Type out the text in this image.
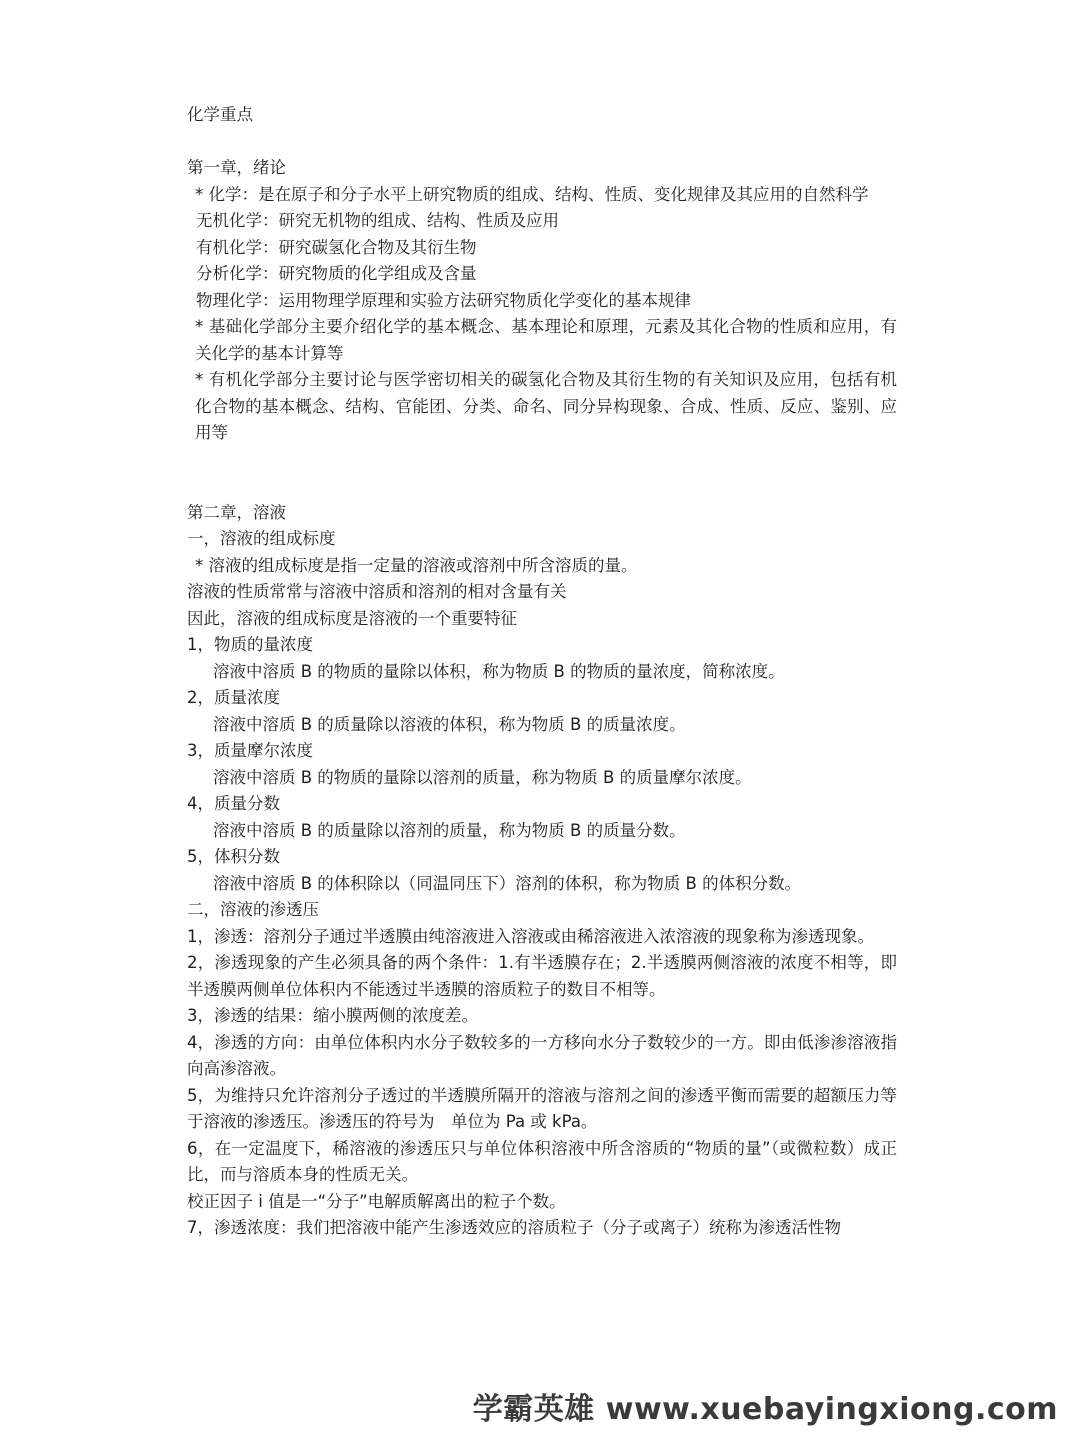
化学重点
第一章，绪论
* 化学：是在原子和分子水平上研究物质的组成、结构、性质、变化规律及其应用的自然科学
无机化学：研究无机物的组成、结构、性质及应用
有机化学：研究碳氢化合物及其衍生物
分析化学：研究物质的化学组成及含量
物理化学：运用物理学原理和实验方法研究物质化学变化的基本规律
* 基础化学部分主要介绍化学的基本概念、基本理论和原理，元素及其化合物的性质和应用，有关化学的基本计算等
* 有机化学部分主要讨论与医学密切相关的碳氢化合物及其衍生物的有关知识及应用，包括有机化合物的基本概念、结构、官能团、分类、命名、同分异构现象、合成、性质、反应、鉴别、应用等
第二章，溶液
一，溶液的组成标度
* 溶液的组成标度是指一定量的溶液或溶剂中所含溶质的量。
溶液的性质常常与溶液中溶质和溶剂的相对含量有关
因此，溶液的组成标度是溶液的一个重要特征
1，物质的量浓度
溶液中溶质 B 的物质的量除以体积，称为物质 B 的物质的量浓度，简称浓度。
2，质量浓度
溶液中溶质 B 的质量除以溶液的体积，称为物质 B 的质量浓度。
3，质量摩尔浓度
溶液中溶质 B 的物质的量除以溶剂的质量，称为物质 B 的质量摩尔浓度。
4，质量分数
溶液中溶质 B 的质量除以溶剂的质量，称为物质 B 的质量分数。
5，体积分数
溶液中溶质 B 的体积除以（同温同压下）溶剂的体积，称为物质 B 的体积分数。
二，溶液的渗透压
1，渗透：溶剂分子通过半透膜由纯溶液进入溶液或由稀溶液进入浓溶液的现象称为渗透现象。
2，渗透现象的产生必须具备的两个条件：1.有半透膜存在；2.半透膜两侧溶液的浓度不相等，即半透膜两侧单位体积内不能透过半透膜的溶质粒子的数目不相等。
3，渗透的结果：缩小膜两侧的浓度差。
4，渗透的方向：由单位体积内水分子数较多的一方移向水分子数较少的一方。即由低渗渗溶液指向高渗溶液。
5，为维持只允许溶剂分子透过的半透膜所隔开的溶液与溶剂之间的渗透平衡而需要的超额压力等于溶液的渗透压。渗透压的符号为　单位为 Pa 或 kPa。
6，在一定温度下，稀溶液的渗透压只与单位体积溶液中所含溶质的“物质的量”（或微粒数）成正比，而与溶质本身的性质无关。
校正因子 i 值是一“分子”电解质解离出的粒子个数。
7，渗透浓度：我们把溶液中能产生渗透效应的溶质粒子（分子或离子）统称为渗透活性物
学霸英雄 www.xuebayingxiong.com
